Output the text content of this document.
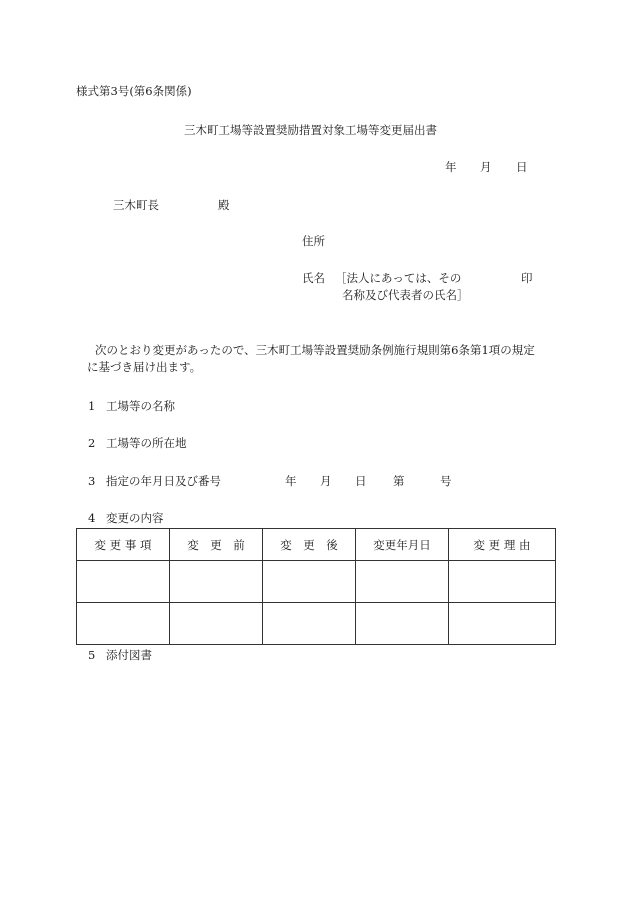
様式第3号(第6条関係)
三木町工場等設置奨励措置対象工場等変更届出書
年 月 日
三木町長	殿
住所
氏名 ［法人にあっては、その	印
名称及び代表者の氏名］
次のとおり変更があったので、三木町工場等設置奨励条例施行規則第6条第1項の規定
に基づき届け出ます。
1 工場等の名称
2 工場等の所在地
3 指定の年月日及び番号	年 月 日 第	号
4 変更の内容
変 更 事 項	変　更　前	変　更　後	変更年月日	変 更 理 由

5 添付図書
